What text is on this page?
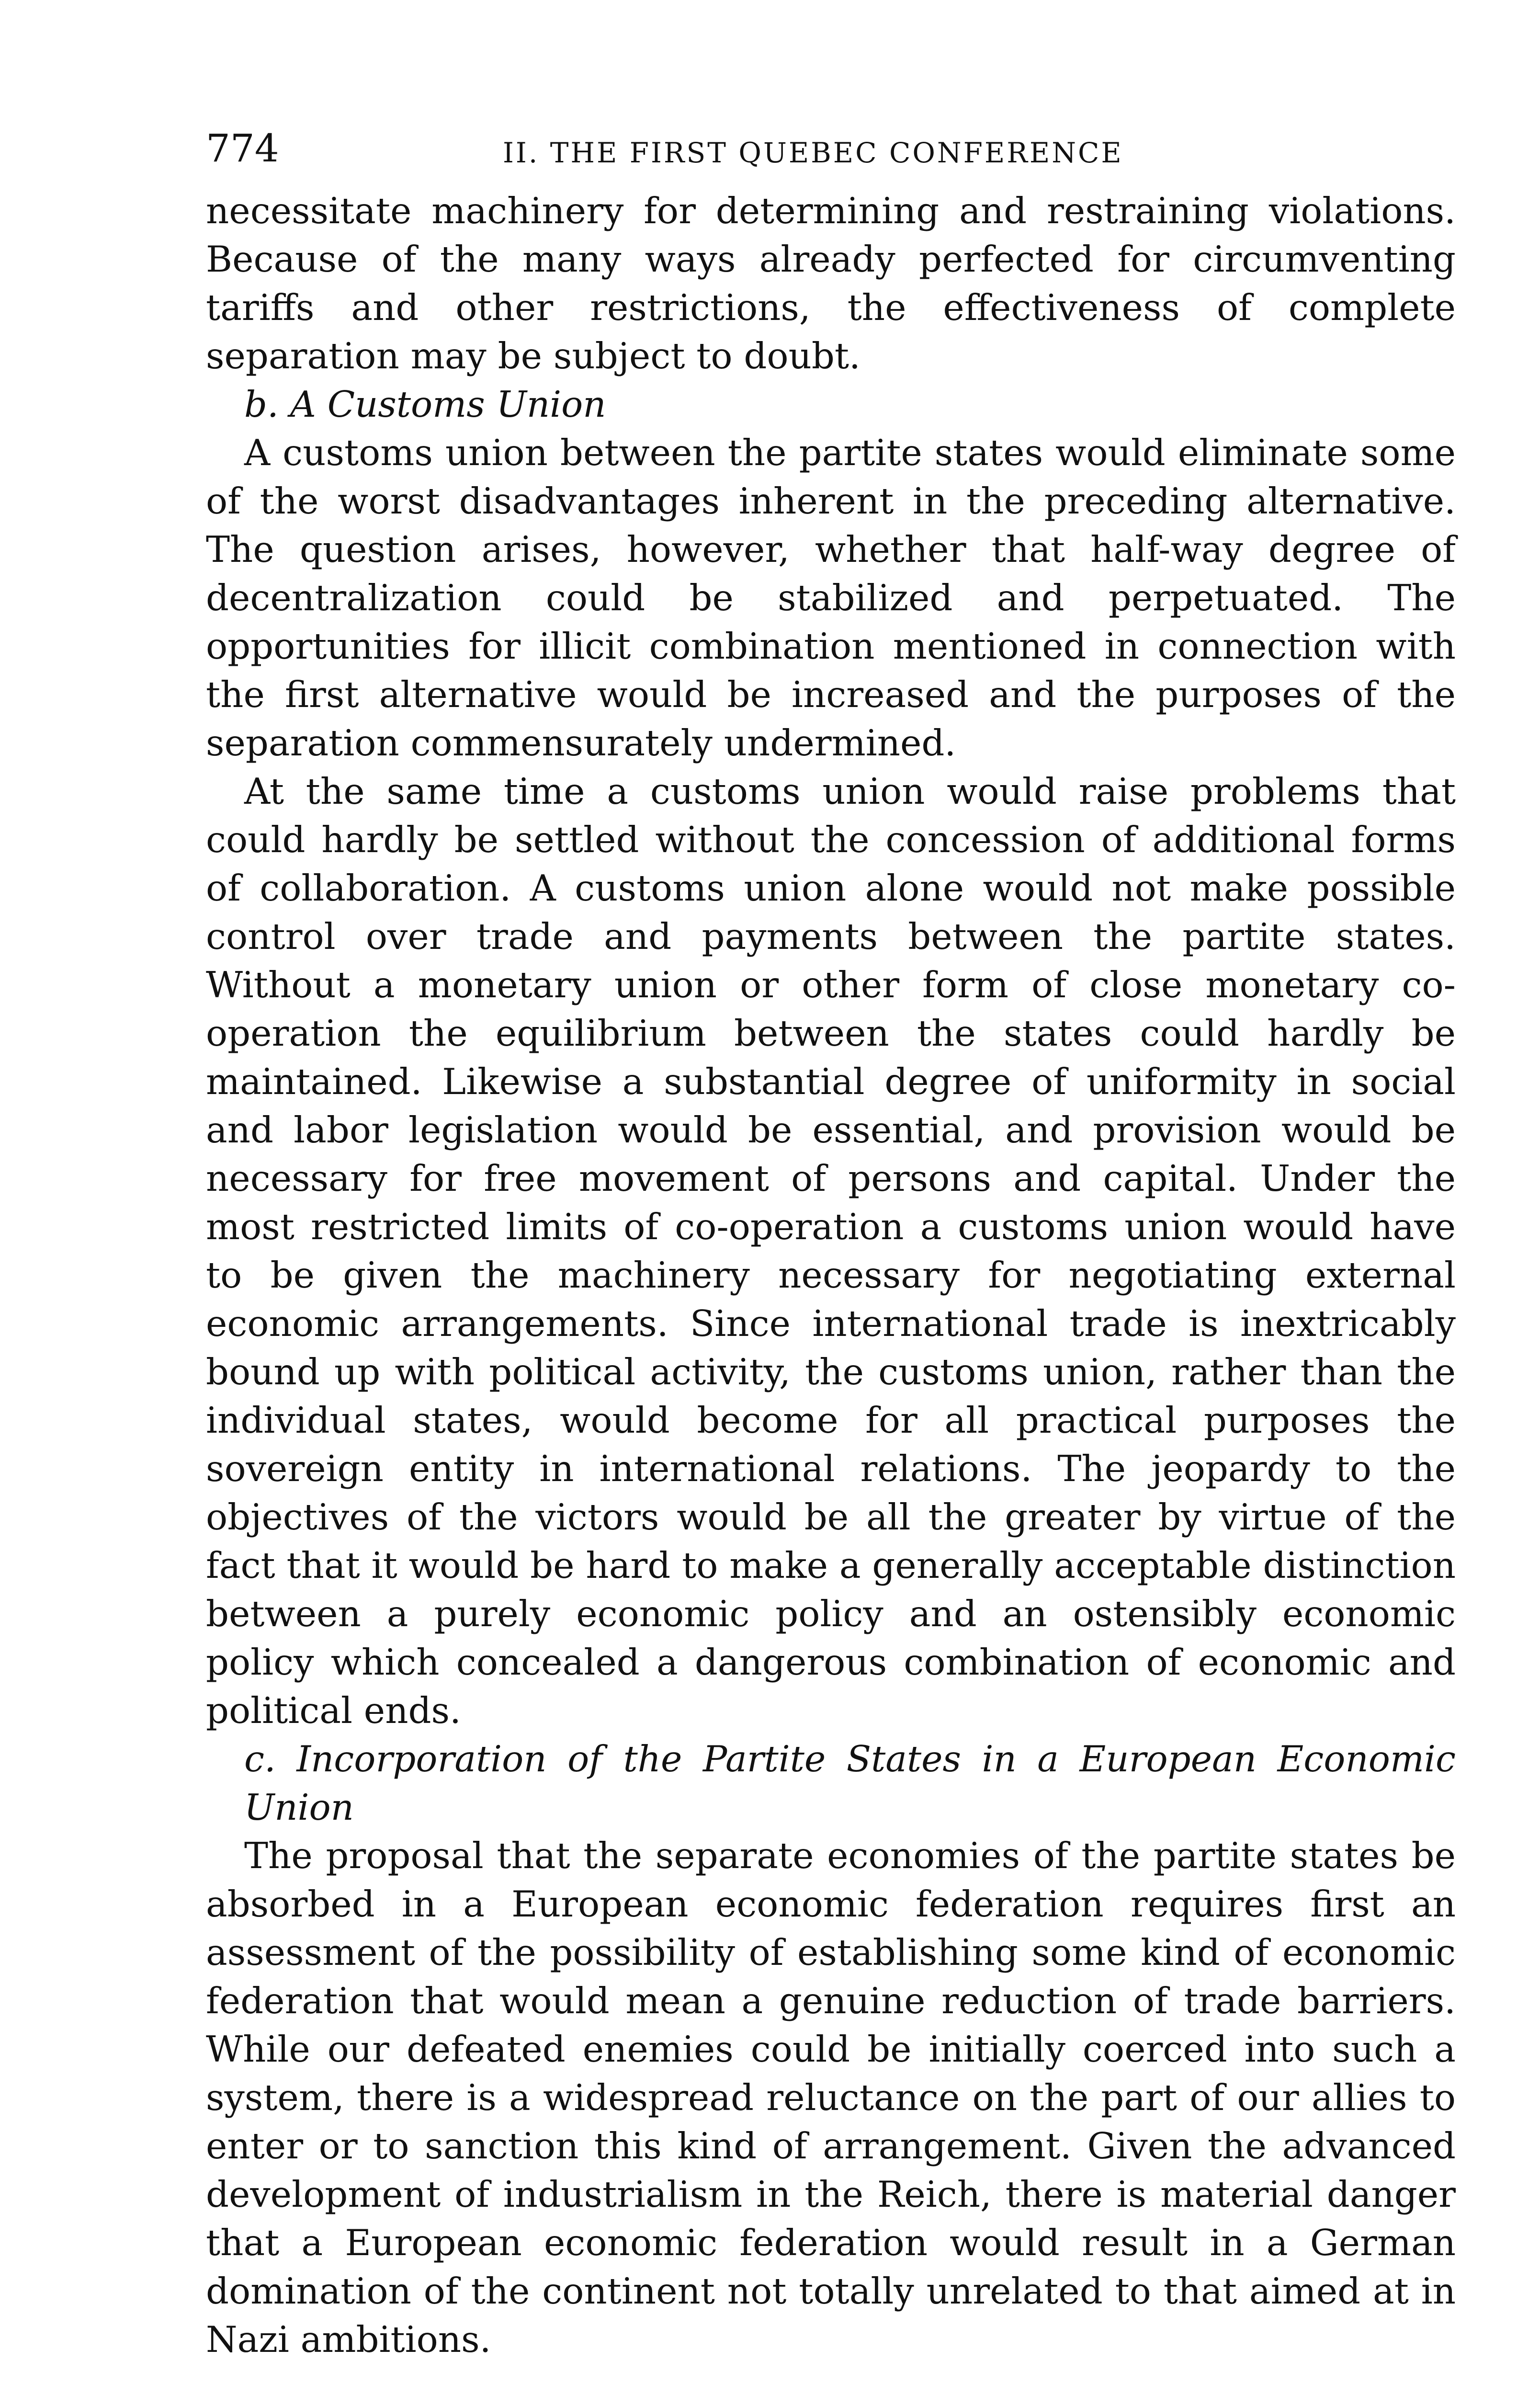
774	II. THE FIRST QUEBEC CONFERENCE

necessitate machinery for determining and restraining violations. Because of the many ways already perfected for circumventing tariffs and other restrictions, the effectiveness of complete separation may be subject to doubt.

b. A Customs Union

A customs union between the partite states would eliminate some of the worst disadvantages inherent in the preceding alternative. The question arises, however, whether that half-way degree of decentralization could be stabilized and perpetuated. The opportunities for illicit combination mentioned in connection with the first alternative would be increased and the purposes of the separation commensurately undermined.

At the same time a customs union would raise problems that could hardly be settled without the concession of additional forms of collaboration. A customs union alone would not make possible control over trade and payments between the partite states. Without a monetary union or other form of close monetary co-operation the equilibrium between the states could hardly be maintained. Likewise a substantial degree of uniformity in social and labor legislation would be essential, and provision would be necessary for free movement of persons and capital. Under the most restricted limits of co-operation a customs union would have to be given the machinery necessary for negotiating external economic arrangements. Since international trade is inextricably bound up with political activity, the customs union, rather than the individual states, would become for all practical purposes the sovereign entity in international relations. The jeopardy to the objectives of the victors would be all the greater by virtue of the fact that it would be hard to make a generally acceptable distinction between a purely economic policy and an ostensibly economic policy which concealed a dangerous combination of economic and political ends.

c. Incorporation of the Partite States in a European Economic Union

The proposal that the separate economies of the partite states be absorbed in a European economic federation requires first an assessment of the possibility of establishing some kind of economic federation that would mean a genuine reduction of trade barriers. While our defeated enemies could be initially coerced into such a system, there is a widespread reluctance on the part of our allies to enter or to sanction this kind of arrangement. Given the advanced development of industrialism in the Reich, there is material danger that a European economic federation would result in a German domination of the continent not totally unrelated to that aimed at in Nazi ambitions.
